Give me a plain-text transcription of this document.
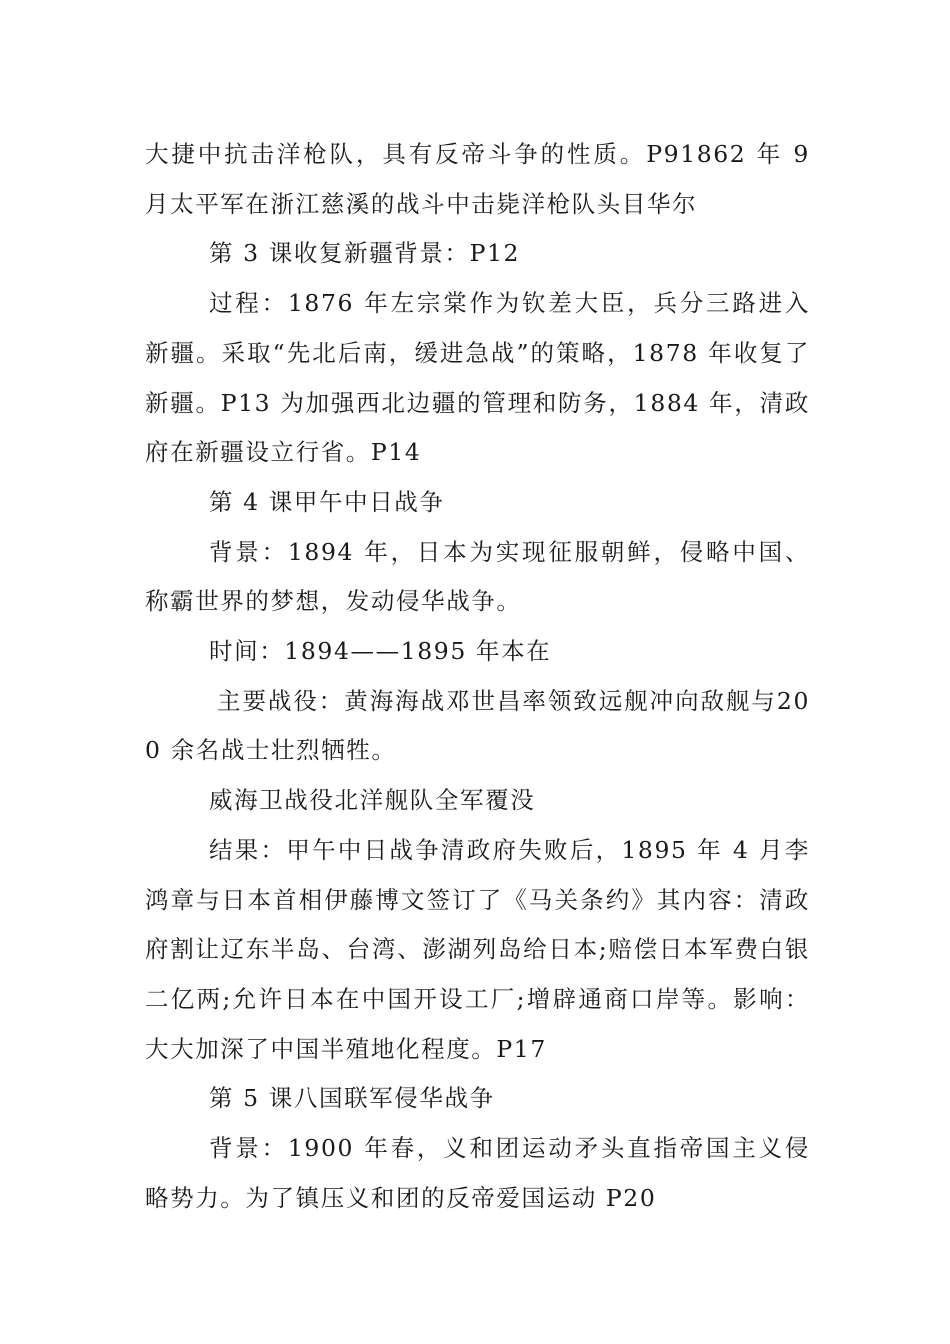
大捷中抗击洋枪队，具有反帝斗争的性质。P91862 年 9 月太平军在浙江慈溪的战斗中击毙洋枪队头目华尔

第 3 课收复新疆背景：P12

过程：1876 年左宗棠作为钦差大臣，兵分三路进入新疆。采取“先北后南，缓进急战”的策略，1878 年收复了新疆。P13 为加强西北边疆的管理和防务，1884 年，清政府在新疆设立行省。P14

第 4 课甲午中日战争

背景：1894 年，日本为实现征服朝鲜，侵略中国、称霸世界的梦想，发动侵华战争。

时间：1894——1895 年本在

主要战役：黄海海战邓世昌率领致远舰冲向敌舰与200 余名战士壮烈牺牲。

威海卫战役北洋舰队全军覆没

结果：甲午中日战争清政府失败后，1895 年 4 月李鸿章与日本首相伊藤博文签订了《马关条约》其内容：清政府割让辽东半岛、台湾、澎湖列岛给日本;赔偿日本军费白银二亿两;允许日本在中国开设工厂;增辟通商口岸等。影响：大大加深了中国半殖地化程度。P17

第 5 课八国联军侵华战争

背景：1900 年春，义和团运动矛头直指帝国主义侵略势力。为了镇压义和团的反帝爱国运动 P20
